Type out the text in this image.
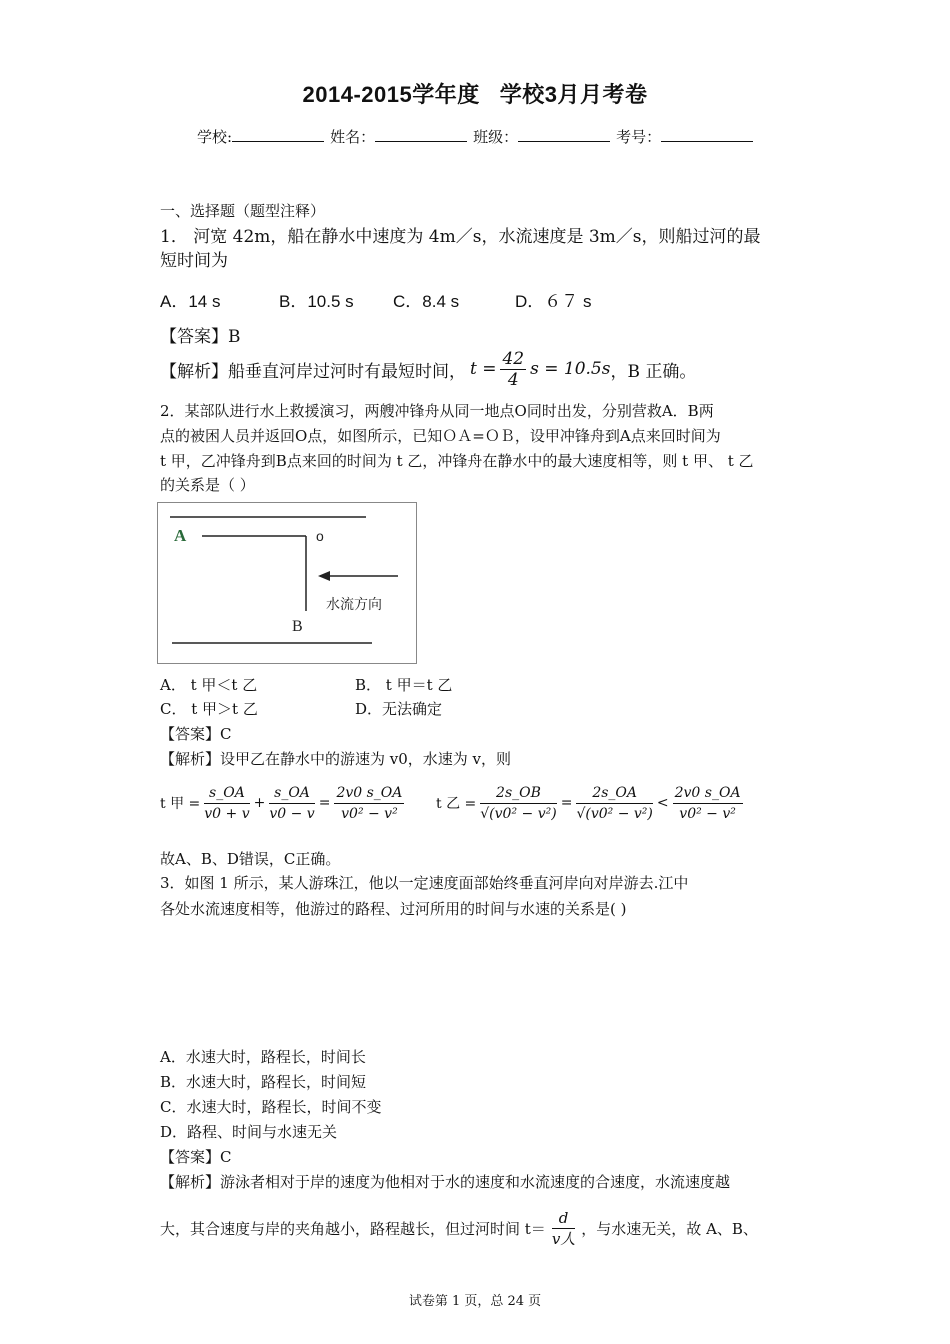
2014-2015学年度 学校3月月考卷
学校:	姓名：	班级：	考号：
一、选择题（题型注释）
1． 河宽 42m，船在静水中速度为 4m／s，水流速度是 3m／s，则船过河的最
短时间为
A．14 s	B．10.5 s C．8.4 s	D．６７ s
【答案】B
【解析】船垂直河岸过河时有最短时间， $t = \frac{42}{4}$ s = 10.5s ，B 正确。
2．某部队进行水上救援演习，两艘冲锋舟从同一地点O同时出发，分别营救A．B两
点的被困人员并返回O点，如图所示，已知ＯＡ=ＯＢ，设甲冲锋舟到A点来回时间为
t 甲，乙冲锋舟到B点来回的时间为 t 乙，冲锋舟在静水中的最大速度相等，则 t 甲、 t 乙
的关系是（ ）
A	o
B
水流方向
A． t 甲＜t 乙	B． t 甲＝t 乙
C． t 甲＞t 乙	D．无法确定
【答案】C
【解析】设甲乙在静水中的游速为 v0，水速为 v，则
t 甲 = $\frac{s\_OA}{v0 + v} + \frac{s\_OA}{v0 - v} = \frac{2v0 s\_OA}{\text{v0² − v²}}$ t 乙 = $\frac{2s\_OB}{\text{√(v0² − v²)}} = \frac{2s\_OA}{\text{√(v0² − v²)}} < \frac{2v0 s\_OA}{\text{v0² − v²}}$
故A、B、D错误，C正确。
3．如图 1 所示，某人游珠江，他以一定速度面部始终垂直河岸向对岸游去.江中
各处水流速度相等，他游过的路程、过河所用的时间与水速的关系是( )
A．水速大时，路程长，时间长
B．水速大时，路程长，时间短
C．水速大时，路程长，时间不变
D．路程、时间与水速无关
【答案】C
【解析】游泳者相对于岸的速度为他相对于水的速度和水流速度的合速度，水流速度越
大，其合速度与岸的夹角越小，路程越长，但过河时间 $t= \frac{d}{\text{v人}}$ ，与水速无关，故 A、B、
试卷第 1 页，总 24 页
